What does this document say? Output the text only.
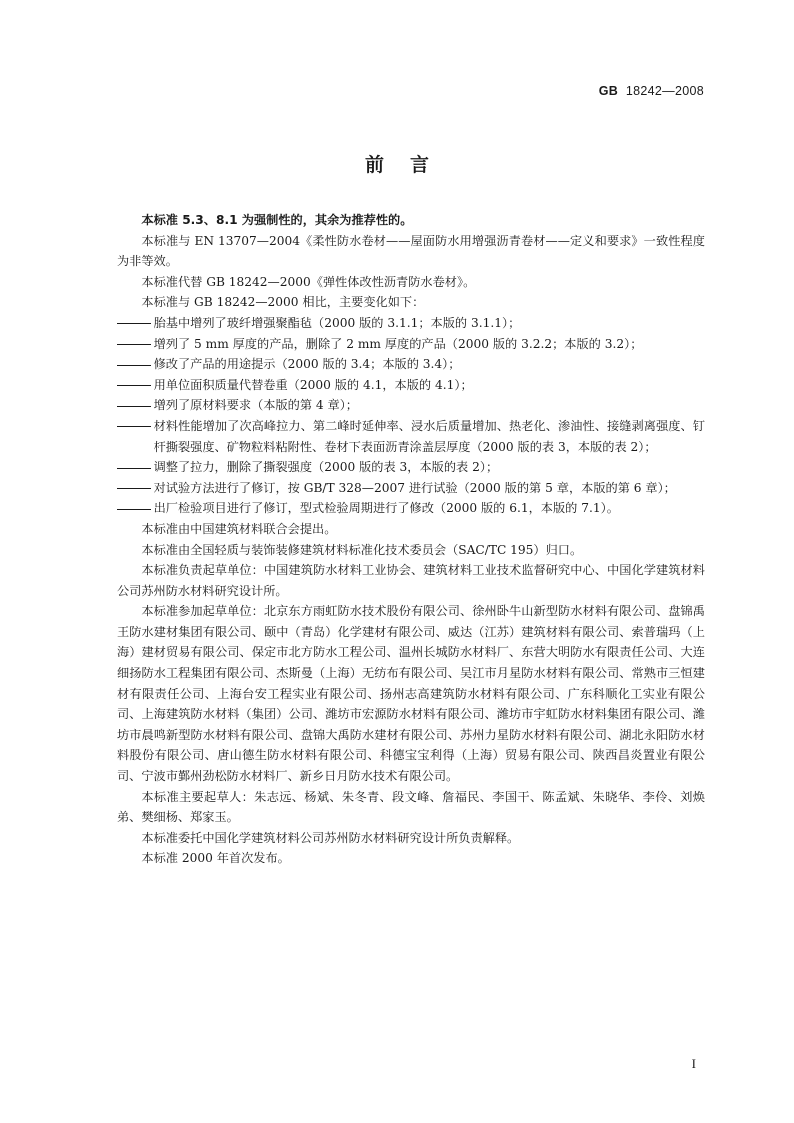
GB 18242—2008
前言

本标准 5.3、8.1 为强制性的，其余为推荐性的。

本标准与 EN 13707—2004《柔性防水卷材——屋面防水用增强沥青卷材——定义和要求》一致性程度为非等效。

本标准代替 GB 18242—2000《弹性体改性沥青防水卷材》。

本标准与 GB 18242—2000 相比，主要变化如下：

胎基中增列了玻纤增强聚酯毡（2000 版的 3.1.1；本版的 3.1.1）；

增列了 5 mm 厚度的产品，删除了 2 mm 厚度的产品（2000 版的 3.2.2；本版的 3.2）；

修改了产品的用途提示（2000 版的 3.4；本版的 3.4）；

用单位面积质量代替卷重（2000 版的 4.1，本版的 4.1）；

增列了原材料要求（本版的第 4 章）；

材料性能增加了次高峰拉力、第二峰时延伸率、浸水后质量增加、热老化、渗油性、接缝剥离强度、钉杆撕裂强度、矿物粒料粘附性、卷材下表面沥青涂盖层厚度（2000 版的表 3，本版的表 2）；

调整了拉力，删除了撕裂强度（2000 版的表 3，本版的表 2）；

对试验方法进行了修订，按 GB/T 328—2007 进行试验（2000 版的第 5 章，本版的第 6 章）；

出厂检验项目进行了修订，型式检验周期进行了修改（2000 版的 6.1，本版的 7.1）。

本标准由中国建筑材料联合会提出。

本标准由全国轻质与装饰装修建筑材料标准化技术委员会（SAC/TC 195）归口。

本标准负责起草单位：中国建筑防水材料工业协会、建筑材料工业技术监督研究中心、中国化学建筑材料公司苏州防水材料研究设计所。

本标准参加起草单位：北京东方雨虹防水技术股份有限公司、徐州卧牛山新型防水材料有限公司、盘锦禹王防水建材集团有限公司、颐中（青岛）化学建材有限公司、威达（江苏）建筑材料有限公司、索普瑞玛（上海）建材贸易有限公司、保定市北方防水工程公司、温州长城防水材料厂、东营大明防水有限责任公司、大连细扬防水工程集团有限公司、杰斯曼（上海）无纺布有限公司、吴江市月星防水材料有限公司、常熟市三恒建材有限责任公司、上海台安工程实业有限公司、扬州志高建筑防水材料有限公司、广东科顺化工实业有限公司、上海建筑防水材料（集团）公司、潍坊市宏源防水材料有限公司、潍坊市宇虹防水材料集团有限公司、潍坊市晨鸣新型防水材料有限公司、盘锦大禹防水建材有限公司、苏州力星防水材料有限公司、湖北永阳防水材料股份有限公司、唐山德生防水材料有限公司、科德宝宝利得（上海）贸易有限公司、陕西昌炎置业有限公司、宁波市鄞州劲松防水材料厂、新乡日月防水技术有限公司。

本标准主要起草人：朱志远、杨斌、朱冬青、段文峰、詹福民、李国干、陈孟斌、朱晓华、李伶、刘焕弟、樊细杨、郑家玉。

本标准委托中国化学建筑材料公司苏州防水材料研究设计所负责解释。

本标准 2000 年首次发布。

I
